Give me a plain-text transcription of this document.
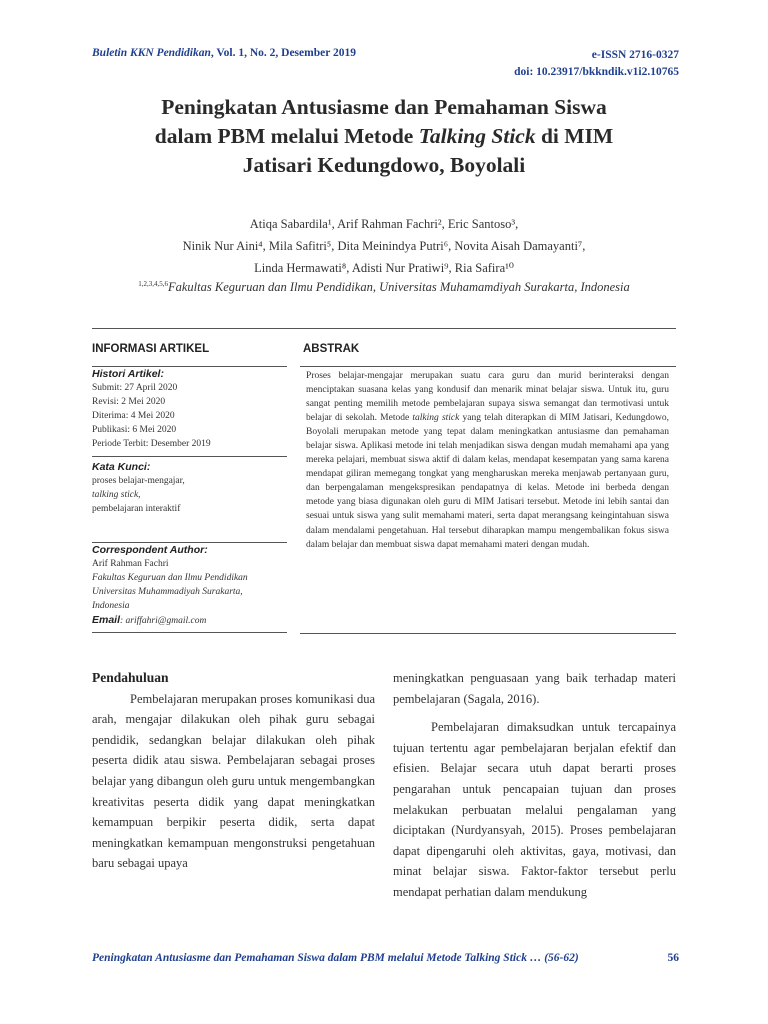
Buletin KKN Pendidikan, Vol. 1, No. 2, Desember 2019	e-ISSN 2716-0327
doi: 10.23917/bkkndik.v1i2.10765
Peningkatan Antusiasme dan Pemahaman Siswa
dalam PBM melalui Metode Talking Stick di MIM
Jatisari Kedungdowo, Boyolali
Atiqa Sabardila¹, Arif Rahman Fachri², Eric Santoso³,
Ninik Nur Aini⁴, Mila Safitri⁵, Dita Meinindya Putri⁶, Novita Aisah Damayanti⁷,
Linda Hermawati⁸, Adisti Nur Pratiwi⁹, Ria Safira¹⁰
$^{1,2,3,4,5,6}$Fakultas Keguruan dan Ilmu Pendidikan, Universitas Muhamamdiyah Surakarta, Indonesia
INFORMASI ARTIKEL	ABSTRAK
Histori Artikel:
Submit: 27 April 2020
Revisi: 2 Mei 2020
Diterima: 4 Mei 2020
Publikasi: 6 Mei 2020
Periode Terbit: Desember 2019
Kata Kunci:
proses belajar-mengajar,
talking stick,
pembelajaran interaktif
Correspondent Author:
Arif Rahman Fachri
Fakultas Keguruan dan Ilmu Pendidikan
Universitas Muhammadiyah Surakarta,
Indonesia
Email: ariffahri@gmail.com
Proses belajar-mengajar merupakan suatu cara guru dan murid berinteraksi dengan menciptakan suasana kelas yang kondusif dan menarik minat belajar siswa. Untuk itu, guru sangat penting memilih metode pembelajaran supaya siswa semangat dan termotivasi untuk belajar di sekolah. Metode talking stick yang telah diterapkan di MIM Jatisari, Kedungdowo, Boyolali merupakan metode yang tepat dalam meningkatkan antusiasme dan pemahaman belajar siswa. Aplikasi metode ini telah menjadikan siswa dengan mudah memahami apa yang mereka pelajari, membuat siswa aktif di dalam kelas, mendapat kesempatan yang sama karena mendapat giliran memegang tongkat yang mengharuskan mereka menjawab pertanyaan guru, dan berpengalaman mengekspresikan pendapatnya di kelas. Metode ini berbeda dengan metode yang biasa digunakan oleh guru di MIM Jatisari tersebut. Metode ini lebih santai dan sesuai untuk siswa yang sulit memahami materi, serta dapat merangsang keingintahuan siswa dalam mendalami pengetahuan. Hal tersebut diharapkan mampu mengembalikan fokus siswa dalam belajar dan membuat siswa dapat memahami materi dengan mudah.

Pendahuluan

Pembelajaran merupakan proses komunikasi dua arah, mengajar dilakukan oleh pihak guru sebagai pendidik, sedangkan belajar dilakukan oleh pihak peserta didik atau siswa. Pembelajaran sebagai proses belajar yang dibangun oleh guru untuk mengembangkan kreativitas peserta didik yang dapat meningkatkan kemampuan berpikir peserta didik, serta dapat meningkatkan kemampuan mengonstruksi pengetahuan baru sebagai upaya

meningkatkan penguasaan yang baik terhadap materi pembelajaran (Sagala, 2016).

Pembelajaran dimaksudkan untuk tercapainya tujuan tertentu agar pembelajaran berjalan efektif dan efisien. Belajar secara utuh dapat berarti proses pengarahan untuk pencapaian tujuan dan proses melakukan perbuatan melalui pengalaman yang diciptakan (Nurdyansyah, 2015). Proses pembelajaran dapat dipengaruhi oleh aktivitas, gaya, motivasi, dan minat belajar siswa. Faktor-faktor tersebut perlu mendapat perhatian dalam mendukung

Peningkatan Antusiasme dan Pemahaman Siswa dalam PBM melalui Metode Talking Stick … (56-62)	56
